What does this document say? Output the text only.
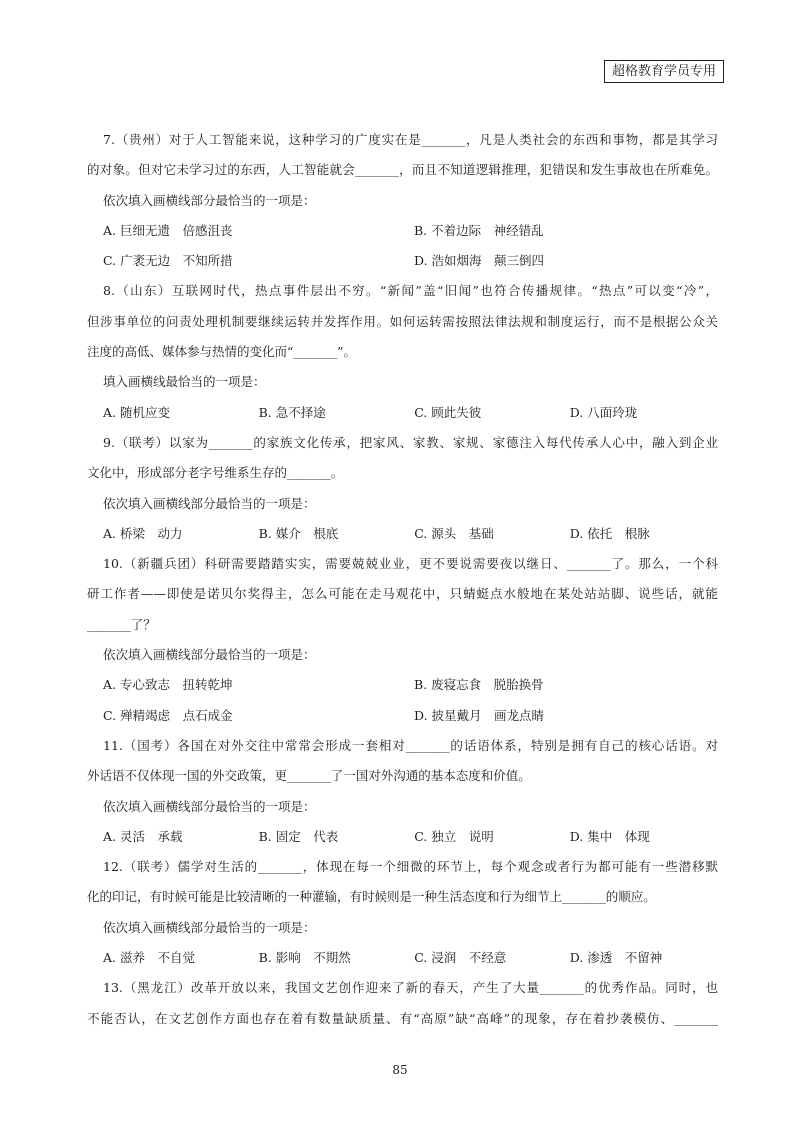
超格教育学员专用
7.（贵州）对于人工智能来说，这种学习的广度实在是_______，凡是人类社会的东西和事物，都是其学习
的对象。但对它未学习过的东西，人工智能就会_______，而且不知道逻辑推理，犯错误和发生事故也在所难免。
依次填入画横线部分最恰当的一项是：
A. 巨细无遗　倍感沮丧	B. 不着边际　神经错乱
C. 广袤无边　不知所措	D. 浩如烟海　颠三倒四
8.（山东）互联网时代，热点事件层出不穷。“新闻”盖“旧闻”也符合传播规律。“热点”可以变“冷”，
但涉事单位的问责处理机制要继续运转并发挥作用。如何运转需按照法律法规和制度运行，而不是根据公众关
注度的高低、媒体参与热情的变化而“_______”。
填入画横线最恰当的一项是：
A. 随机应变	B. 急不择途	C. 顾此失彼	D. 八面玲珑
9.（联考）以家为_______的家族文化传承，把家风、家教、家规、家德注入每代传承人心中，融入到企业
文化中，形成部分老字号维系生存的_______。
依次填入画横线部分最恰当的一项是：
A. 桥梁　动力	B. 媒介　根底	C. 源头　基础	D. 依托　根脉
10.（新疆兵团）科研需要踏踏实实，需要兢兢业业，更不要说需要夜以继日、_______了。那么，一个科
研工作者——即使是诺贝尔奖得主，怎么可能在走马观花中，只蜻蜓点水般地在某处站站脚、说些话，就能
_______了？
依次填入画横线部分最恰当的一项是：
A. 专心致志　扭转乾坤	B. 废寝忘食　脱胎换骨
C. 殚精竭虑　点石成金	D. 披星戴月　画龙点睛
11.（国考）各国在对外交往中常常会形成一套相对_______的话语体系，特别是拥有自己的核心话语。对
外话语不仅体现一国的外交政策，更_______了一国对外沟通的基本态度和价值。
依次填入画横线部分最恰当的一项是：
A. 灵活　承载	B. 固定　代表	C. 独立　说明	D. 集中　体现
12.（联考）儒学对生活的_______，体现在每一个细微的环节上，每个观念或者行为都可能有一些潜移默
化的印记，有时候可能是比较清晰的一种灌输，有时候则是一种生活态度和行为细节上_______的顺应。
依次填入画横线部分最恰当的一项是：
A. 滋养　不自觉	B. 影响　不期然	C. 浸润　不经意	D. 渗透　不留神
13.（黑龙江）改革开放以来，我国文艺创作迎来了新的春天，产生了大量_______的优秀作品。同时，也
不能否认，在文艺创作方面也存在着有数量缺质量、有“高原”缺“高峰”的现象，存在着抄袭模仿、_______
85
